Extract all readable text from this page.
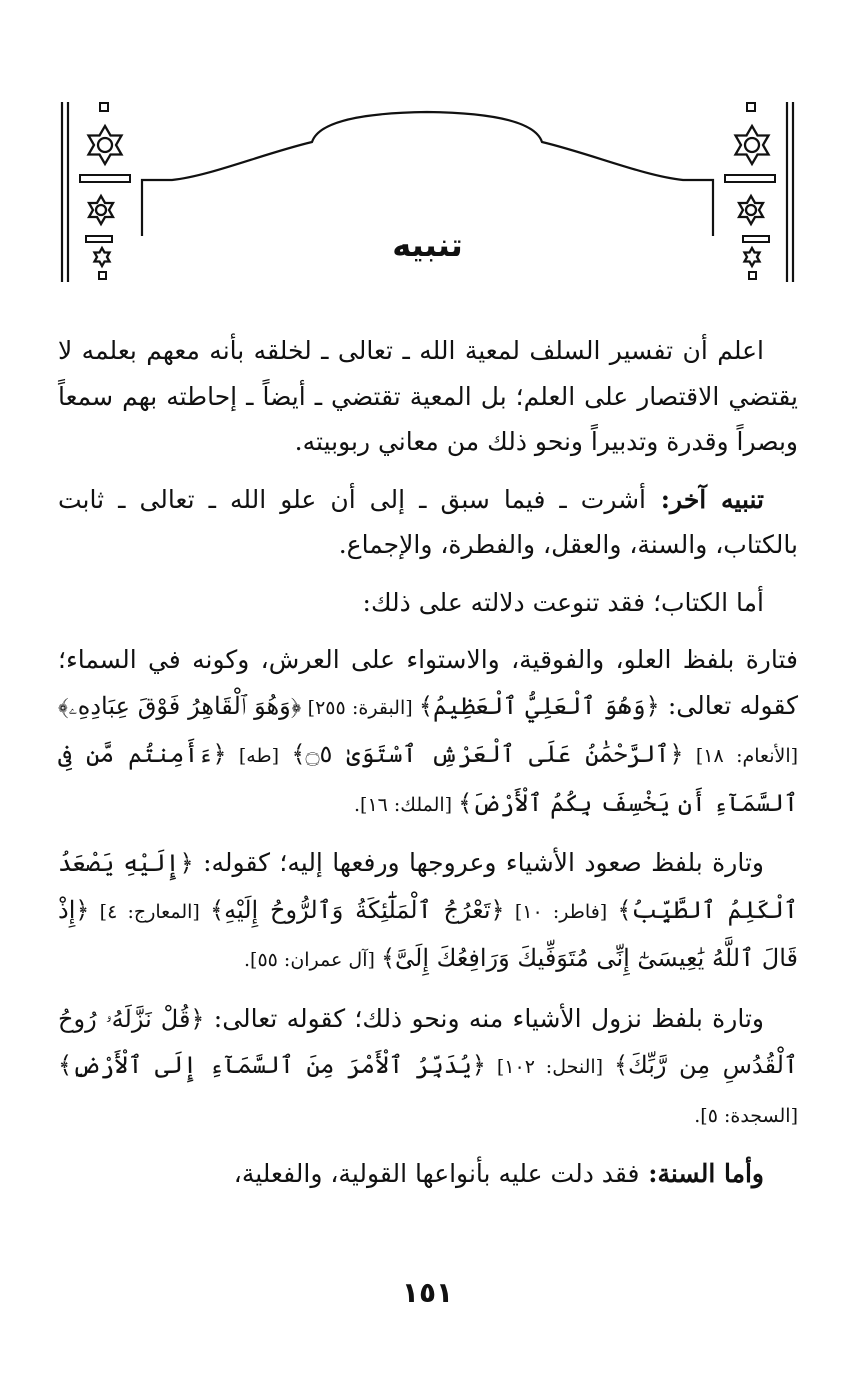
تنبيه

اعلم أن تفسير السلف لمعية الله ـ تعالى ـ لخلقه بأنه معهم بعلمه لا يقتضي الاقتصار على العلم؛ بل المعية تقتضي ـ أيضاً ـ إحاطته بهم سمعاً وبصراً وقدرة وتدبيراً ونحو ذلك من معاني ربوبيته.

تنبيه آخر: أشرت ـ فيما سبق ـ إلى أن علو الله ـ تعالى ـ ثابت بالكتاب، والسنة، والعقل، والفطرة، والإجماع.

أما الكتاب؛ فقد تنوعت دلالته على ذلك:

فتارة بلفظ العلو، والفوقية، والاستواء على العرش، وكونه في السماء؛ كقوله تعالى: ﴿وَهُوَ ٱلْعَلِيُّ ٱلْعَظِيمُ﴾ [البقرة: ٢٥٥] ﴿وَهُوَ ٱلْقَاهِرُ فَوْقَ عِبَادِهِۦ﴾ [الأنعام: ١٨] ﴿ٱلرَّحْمَٰنُ عَلَى ٱلْعَرْشِ ٱسْتَوَىٰ ۝٥﴾ [طه] ﴿ءَأَمِنتُم مَّن فِى ٱلسَّمَآءِ أَن يَخْسِفَ بِكُمُ ٱلْأَرْضَ﴾ [الملك: ١٦].

وتارة بلفظ صعود الأشياء وعروجها ورفعها إليه؛ كقوله: ﴿إِلَيْهِ يَصْعَدُ ٱلْكَلِمُ ٱلطَّيِّبُ﴾ [فاطر: ١٠] ﴿تَعْرُجُ ٱلْمَلَٰٓئِكَةُ وَٱلرُّوحُ إِلَيْهِ﴾ [المعارج: ٤] ﴿إِذْ قَالَ ٱللَّهُ يَٰعِيسَىٰٓ إِنِّى مُتَوَفِّيكَ وَرَافِعُكَ إِلَىَّ﴾ [آل عمران: ٥٥].

وتارة بلفظ نزول الأشياء منه ونحو ذلك؛ كقوله تعالى: ﴿قُلْ نَزَّلَهُۥ رُوحُ ٱلْقُدُسِ مِن رَّبِّكَ﴾ [النحل: ١٠٢] ﴿يُدَبِّرُ ٱلْأَمْرَ مِنَ ٱلسَّمَآءِ إِلَى ٱلْأَرْضِ﴾ [السجدة: ٥].

وأما السنة: فقد دلت عليه بأنواعها القولية، والفعلية،

١٥١
